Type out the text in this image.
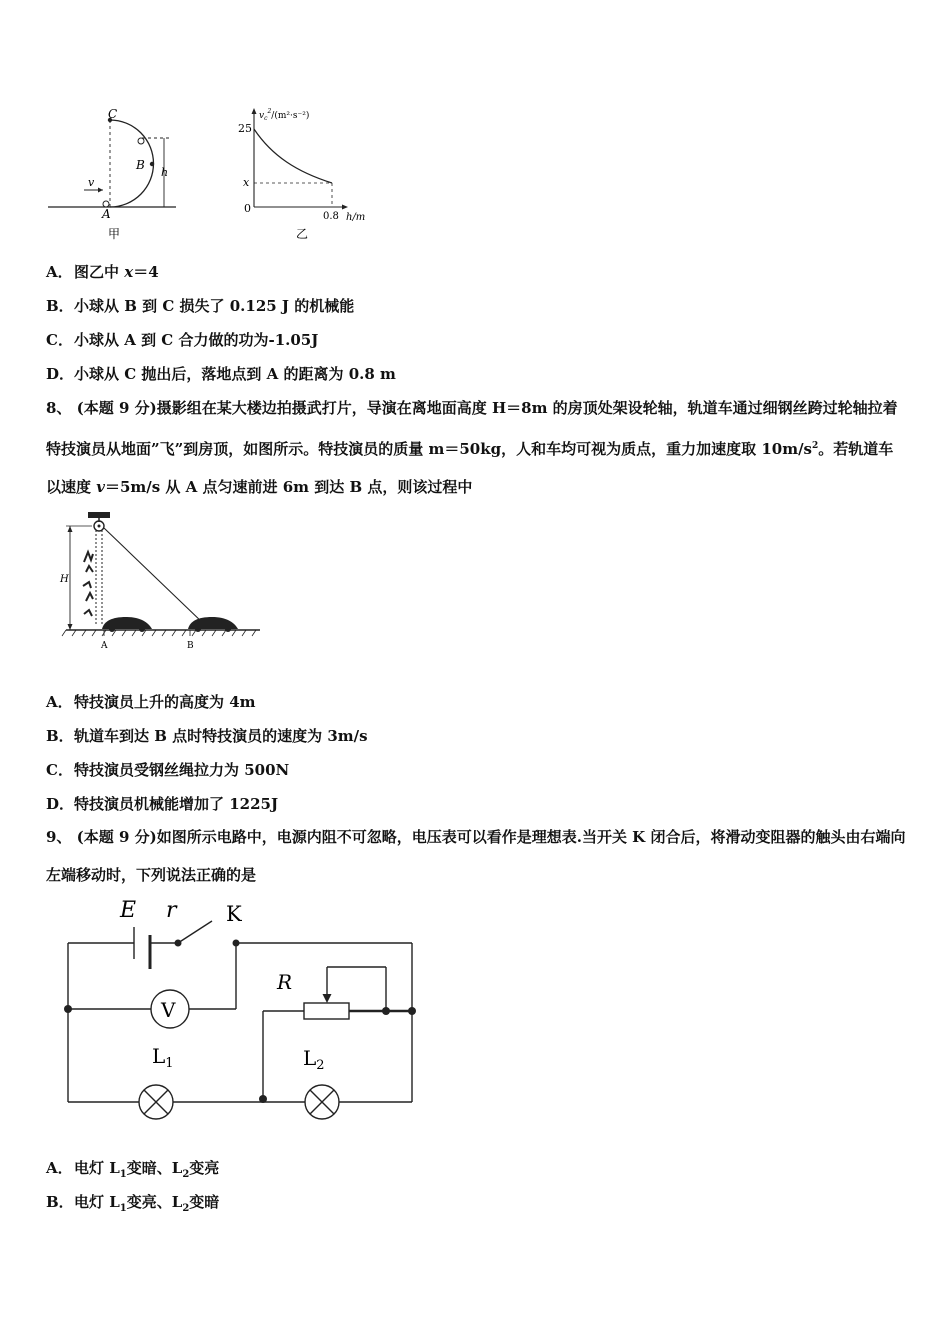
C
B
A
v
h
甲
$v_c^2/(m^2\cdot s^{-2})$
25
x
0
0.8 h/m
乙
A．图乙中 x＝4
B．小球从 B 到 C 损失了 0.125 J 的机械能
C．小球从 A 到 C 合力做的功为-1.05J
D．小球从 C 抛出后，落地点到 A 的距离为 0.8 m
8、 (本题 9 分)摄影组在某大楼边拍摄武打片，导演在离地面高度 H＝8m 的房顶处架设轮轴，轨道车通过细钢丝跨过轮轴拉着特技演员从地面”飞”到房顶，如图所示。特技演员的质量 m＝50kg，人和车均可视为质点，重力加速度取 $10m/s^2$。若轨道车以速度 v＝5m/s 从 A 点匀速前进 6m 到达 B 点，则该过程中
H
A	B
A．特技演员上升的高度为 4m
B．轨道车到达 B 点时特技演员的速度为 3m/s
C．特技演员受钢丝绳拉力为 500N
D．特技演员机械能增加了 1225J
9、 (本题 9 分)如图所示电路中，电源内阻不可忽略，电压表可以看作是理想表.当开关 K 闭合后，将滑动变阻器的触头由右端向左端移动时，下列说法正确的是
E r K
V
R
$L_1$	$L_2$
A．电灯 $L_1$变暗、$L_2$变亮
B．电灯 $L_1$变亮、$L_2$变暗
